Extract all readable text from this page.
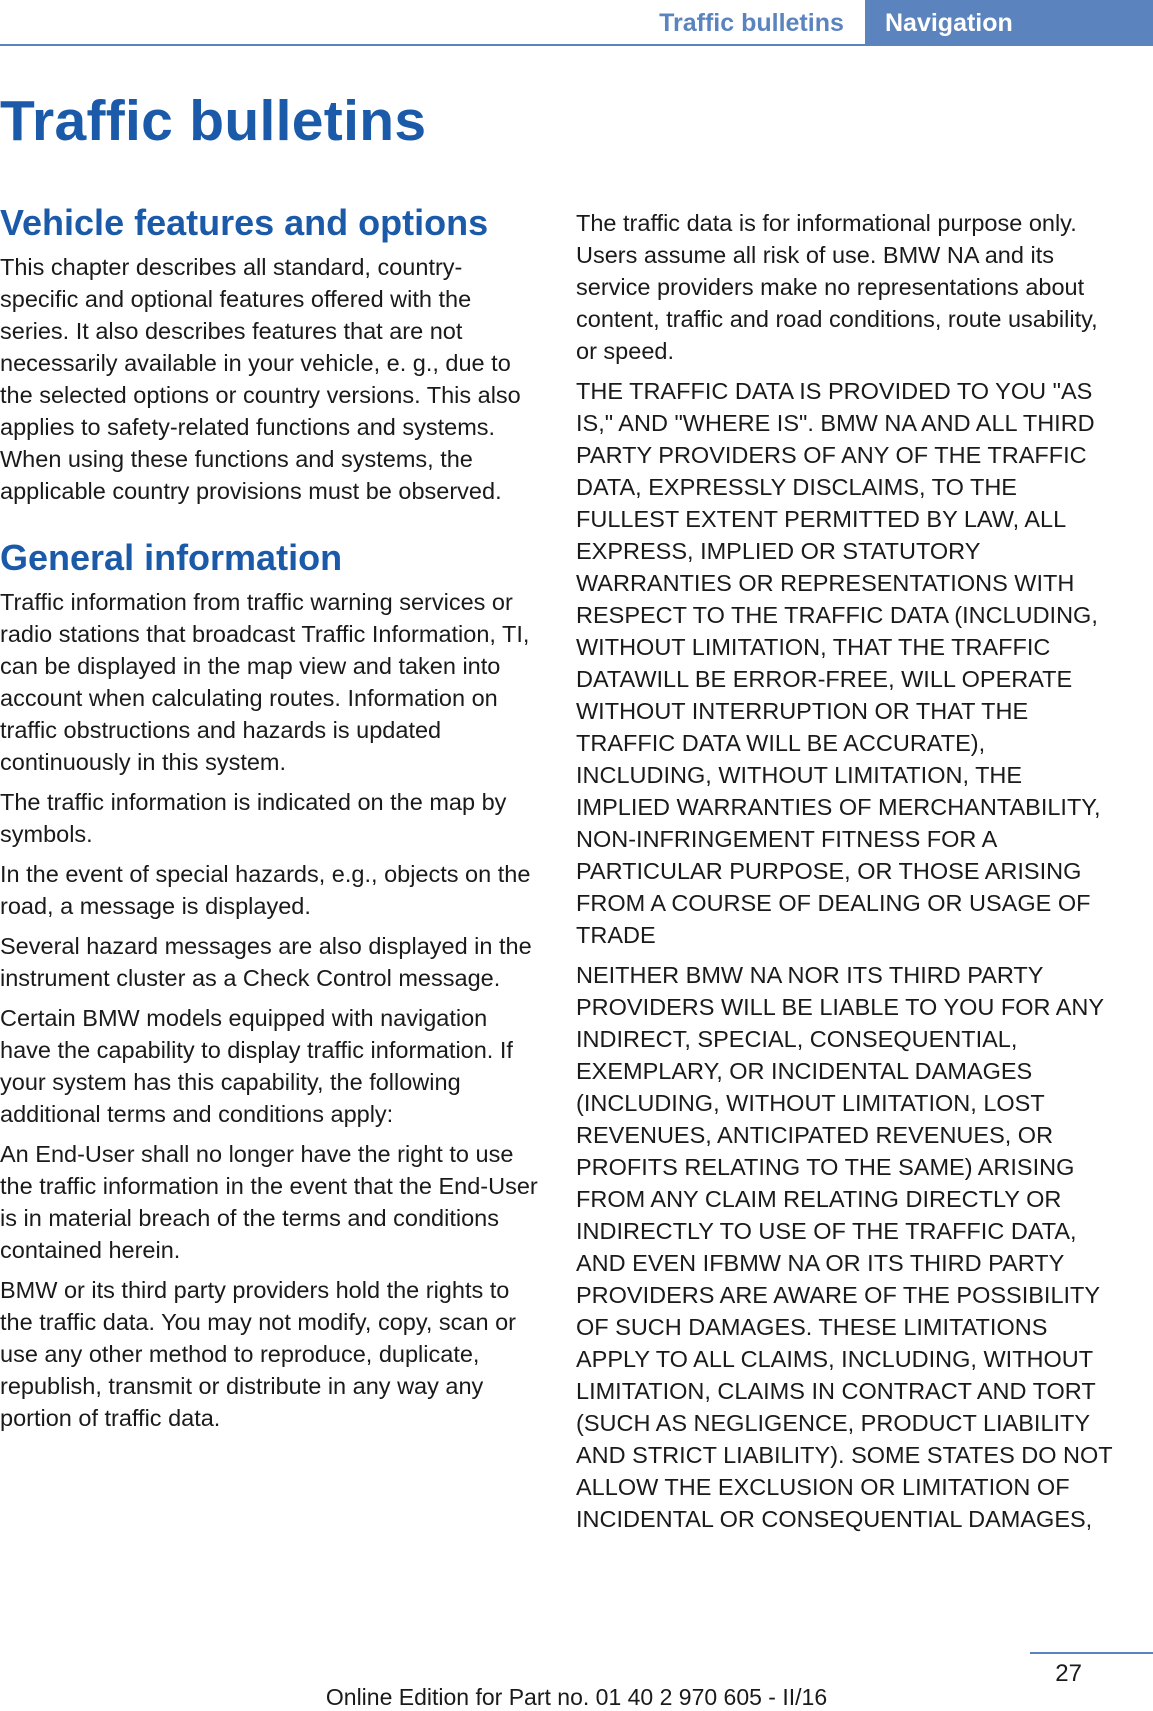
Traffic bulletins	Navigation
Traffic bulletins
Vehicle features and options

This chapter describes all standard, country-specific and optional features offered with the series. It also describes features that are not necessarily available in your vehicle, e. g., due to the selected options or country versions. This also applies to safety-related functions and systems. When using these functions and systems, the applicable country provisions must be observed.

General information

Traffic information from traffic warning services or radio stations that broadcast Traffic Information, TI, can be displayed in the map view and taken into account when calculating routes. Information on traffic obstructions and hazards is updated continuously in this system.

The traffic information is indicated on the map by symbols.

In the event of special hazards, e.g., objects on the road, a message is displayed.

Several hazard messages are also displayed in the instrument cluster as a Check Control message.

Certain BMW models equipped with navigation have the capability to display traffic information. If your system has this capability, the following additional terms and conditions apply:

An End-User shall no longer have the right to use the traffic information in the event that the End-User is in material breach of the terms and conditions contained herein.

BMW or its third party providers hold the rights to the traffic data. You may not modify, copy, scan or use any other method to reproduce, duplicate, republish, transmit or distribute in any way any portion of traffic data.

The traffic data is for informational purpose only. Users assume all risk of use. BMW NA and its service providers make no representations about content, traffic and road conditions, route usability, or speed.

THE TRAFFIC DATA IS PROVIDED TO YOU "AS IS," AND "WHERE IS". BMW NA AND ALL THIRD PARTY PROVIDERS OF ANY OF THE TRAFFIC DATA, EXPRESSLY DISCLAIMS, TO THE FULLEST EXTENT PERMITTED BY LAW, ALL EXPRESS, IMPLIED OR STATUTORY WARRANTIES OR REPRESENTATIONS WITH RESPECT TO THE TRAFFIC DATA (INCLUDING, WITHOUT LIMITATION, THAT THE TRAFFIC DATAWILL BE ERROR-FREE, WILL OPERATE WITHOUT INTERRUPTION OR THAT THE TRAFFIC DATA WILL BE ACCURATE), INCLUDING, WITHOUT LIMITATION, THE IMPLIED WARRANTIES OF MERCHANTABILITY, NON-INFRINGEMENT FITNESS FOR A PARTICULAR PURPOSE, OR THOSE ARISING FROM A COURSE OF DEALING OR USAGE OF TRADE

NEITHER BMW NA NOR ITS THIRD PARTY PROVIDERS WILL BE LIABLE TO YOU FOR ANY INDIRECT, SPECIAL, CONSEQUENTIAL, EXEMPLARY, OR INCIDENTAL DAMAGES (INCLUDING, WITHOUT LIMITATION, LOST REVENUES, ANTICIPATED REVENUES, OR PROFITS RELATING TO THE SAME) ARISING FROM ANY CLAIM RELATING DIRECTLY OR INDIRECTLY TO USE OF THE TRAFFIC DATA, AND EVEN IFBMW NA OR ITS THIRD PARTY PROVIDERS ARE AWARE OF THE POSSIBILITY OF SUCH DAMAGES. THESE LIMITATIONS APPLY TO ALL CLAIMS, INCLUDING, WITHOUT LIMITATION, CLAIMS IN CONTRACT AND TORT (SUCH AS NEGLIGENCE, PRODUCT LIABILITY AND STRICT LIABILITY). SOME STATES DO NOT ALLOW THE EXCLUSION OR LIMITATION OF INCIDENTAL OR CONSEQUENTIAL DAMAGES,

27
Online Edition for Part no. 01 40 2 970 605 - II/16
